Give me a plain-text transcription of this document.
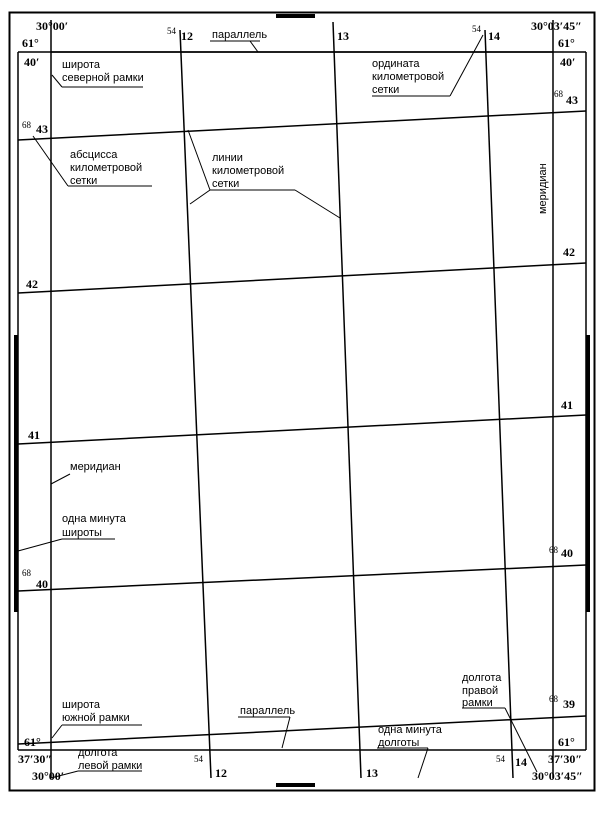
30°00′
61°
40′
30°03′45″
61°
40′
37′30″
61°
30°00′
37′30″
61°
30°03′45″
54 12	13	54 14
54
12	13
54 14
68 43
42
41
68
40
68 43
42
41
68 40
68 39
параллель
широта
северной рамки
ордината
километровой
сетки
абсцисса
километровой
сетки
линии
километровой
сетки	меридиан
меридиан
одна минута
широты
широта
южной рамки
параллель
долгота
правой
рамки
одна минута
долготы
долгота
левой рамки
